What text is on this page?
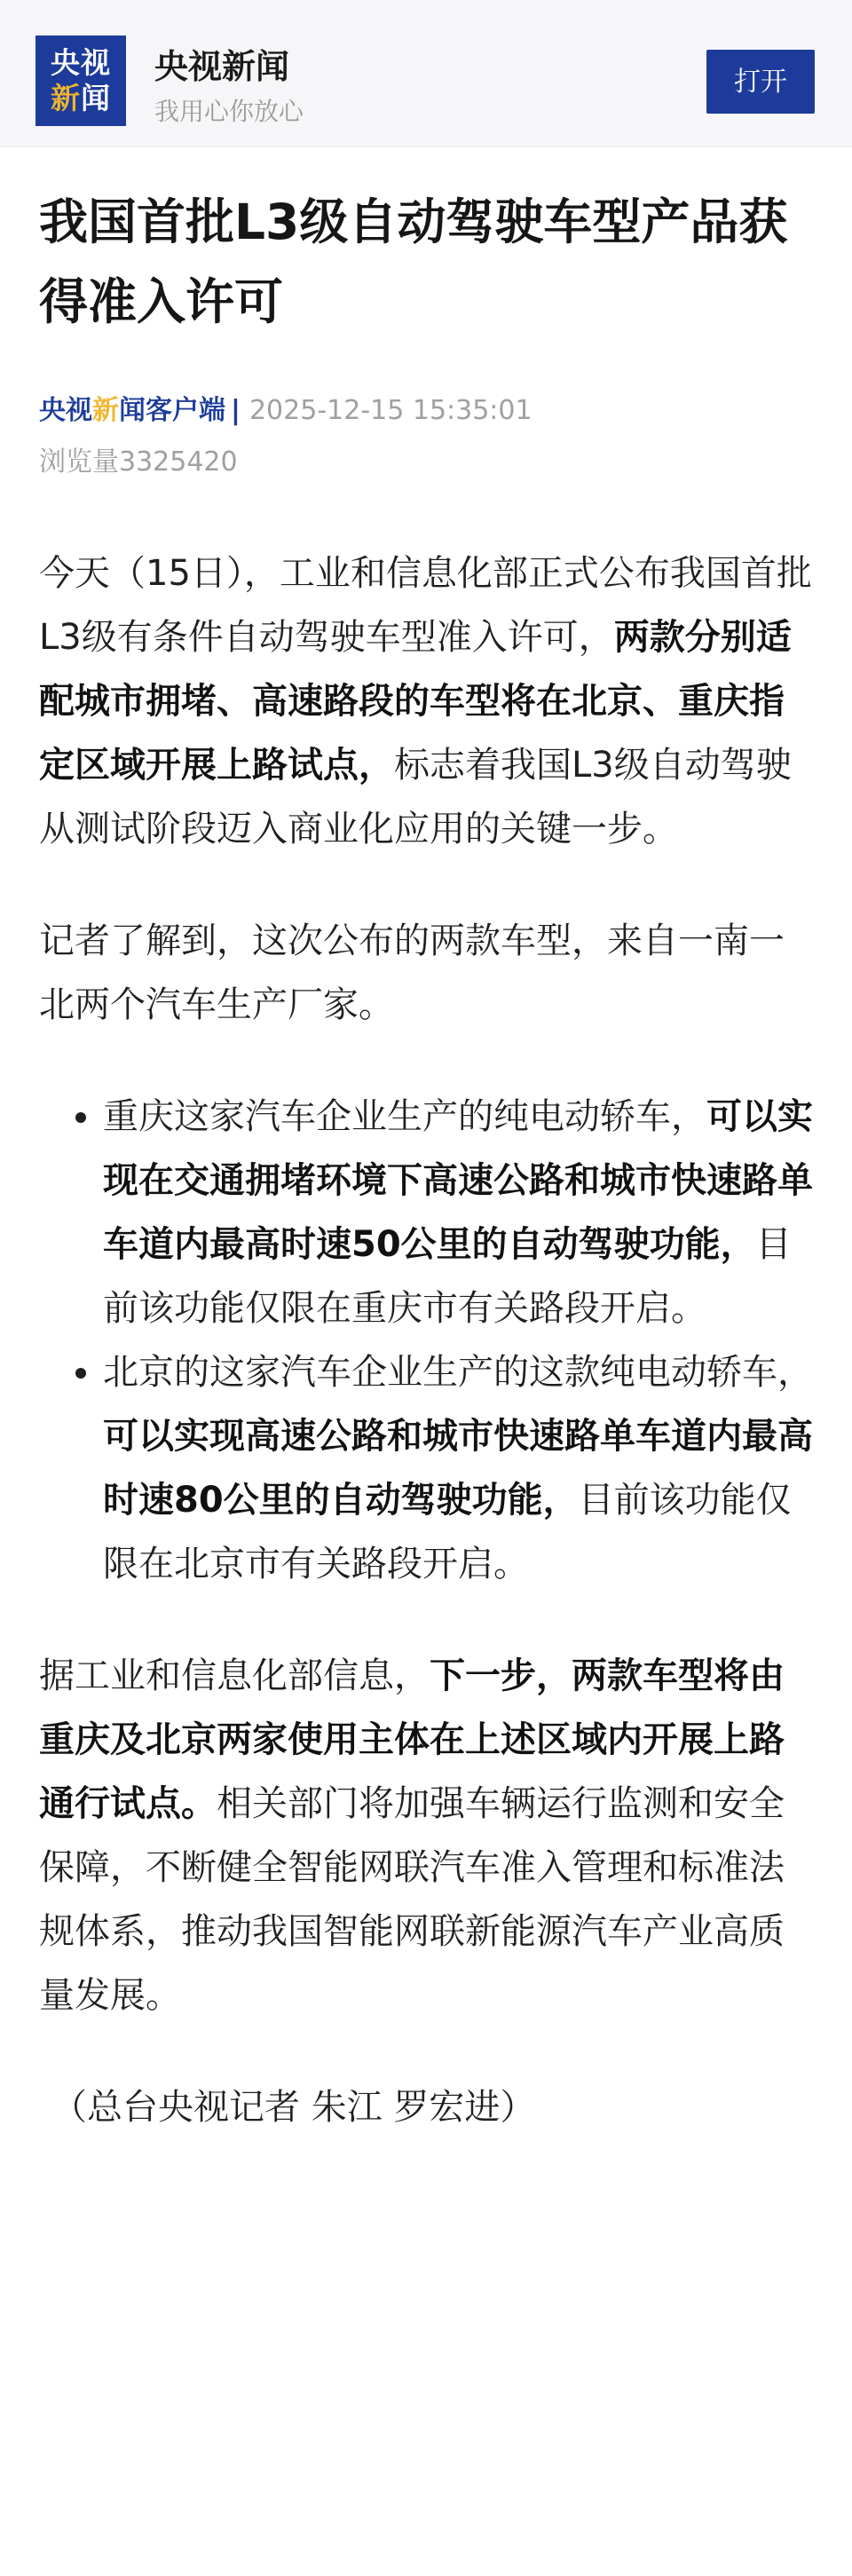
央视
新闻
央视新闻
我用心你放心
打开
我国首批L3级自动驾驶车型产品获得准入许可
央视新闻客户端 | 2025-12-15 15:35:01
浏览量3325420

今天（15日），工业和信息化部正式公布我国首批L3级有条件自动驾驶车型准入许可，两款分别适配城市拥堵、高速路段的车型将在北京、重庆指定区域开展上路试点，标志着我国L3级自动驾驶从测试阶段迈入商业化应用的关键一步。

记者了解到，这次公布的两款车型，来自一南一北两个汽车生产厂家。

• 重庆这家汽车企业生产的纯电动轿车，可以实现在交通拥堵环境下高速公路和城市快速路单车道内最高时速50公里的自动驾驶功能，目前该功能仅限在重庆市有关路段开启。
• 北京的这家汽车企业生产的这款纯电动轿车，可以实现高速公路和城市快速路单车道内最高时速80公里的自动驾驶功能，目前该功能仅限在北京市有关路段开启。

据工业和信息化部信息，下一步，两款车型将由重庆及北京两家使用主体在上述区域内开展上路通行试点。相关部门将加强车辆运行监测和安全保障，不断健全智能网联汽车准入管理和标准法规体系，推动我国智能网联新能源汽车产业高质量发展。

（总台央视记者 朱江 罗宏进）
